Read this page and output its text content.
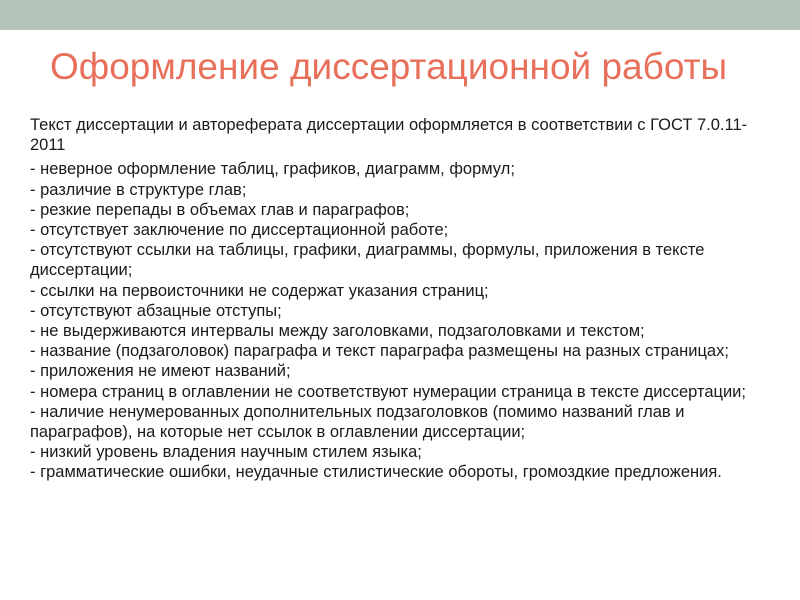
Оформление диссертационной работы

Текст диссертации и автореферата диссертации оформляется в соответствии с ГОСТ 7.0.11-2011

- неверное оформление таблиц, графиков, диаграмм, формул;
- различие в структуре глав;
- резкие перепады в объемах глав и параграфов;
- отсутствует заключение по диссертационной работе;
- отсутствуют ссылки на таблицы, графики, диаграммы, формулы, приложения в тексте диссертации;
- ссылки на первоисточники не содержат указания страниц;
- отсутствуют абзацные отступы;
- не выдерживаются интервалы между заголовками, подзаголовками и текстом;
- название (подзаголовок) параграфа и текст параграфа размещены на разных страницах;
- приложения не имеют названий;
- номера страниц в оглавлении не соответствуют нумерации страница в тексте диссертации;
- наличие ненумерованных дополнительных подзаголовков (помимо названий глав и параграфов), на которые нет ссылок в оглавлении диссертации;
- низкий уровень владения научным стилем языка;
- грамматические ошибки, неудачные стилистические обороты, громоздкие предложения.
